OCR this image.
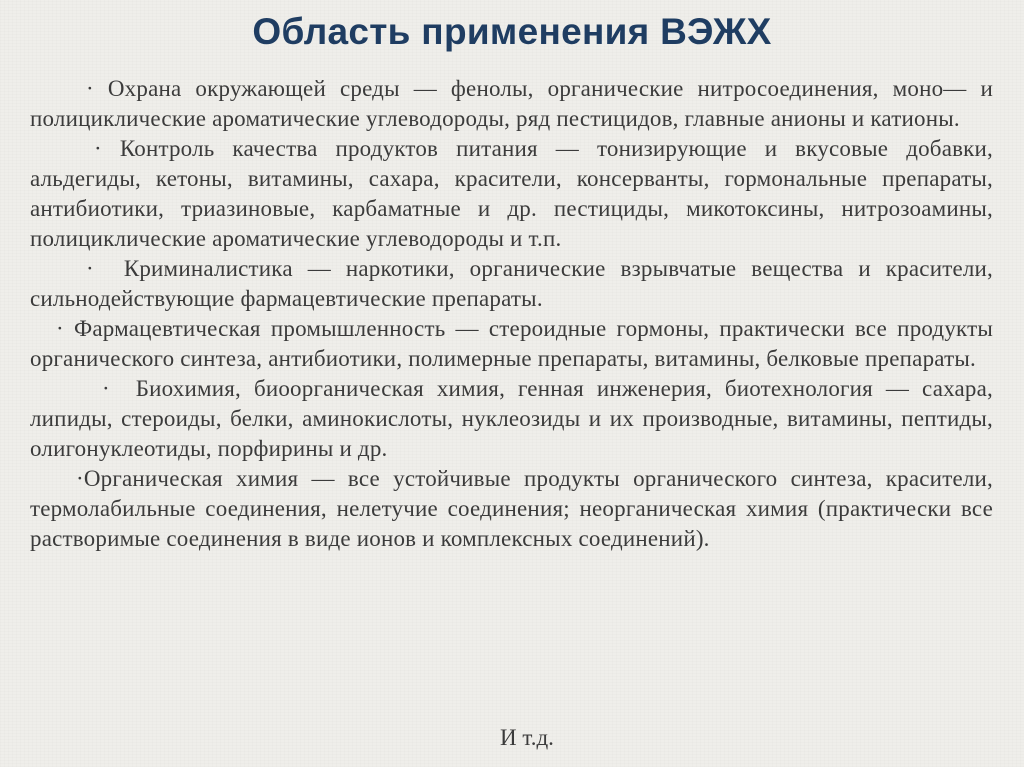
Область применения ВЭЖХ

· Охрана окружающей среды — фенолы, органические нитросоединения, моно— и полициклические ароматические углеводороды, ряд пестицидов, главные анионы и катионы.

· Контроль качества продуктов питания — тонизирующие и вкусовые добавки, альдегиды, кетоны, витамины, сахара, красители, консерванты, гормональные препараты, антибиотики, триазиновые, карбаматные и др. пестициды, микотоксины, нитрозоамины, полициклические ароматические углеводороды и т.п.

· Криминалистика — наркотики, органические взрывчатые вещества и красители, сильнодействующие фармацевтические препараты.

· Фармацевтическая промышленность — стероидные гормоны, практически все продукты органического синтеза, антибиотики, полимерные препараты, витамины, белковые препараты.

· Биохимия, биоорганическая химия, генная инженерия, биотехнология — сахара, липиды, стероиды, белки, аминокислоты, нуклеозиды и их производные, витамины, пептиды, олигонуклеотиды, порфирины и др.

·Органическая химия — все устойчивые продукты органического синтеза, красители, термолабильные соединения, нелетучие соединения; неорганическая химия (практически все растворимые соединения в виде ионов и комплексных соединений).

И т.д.
